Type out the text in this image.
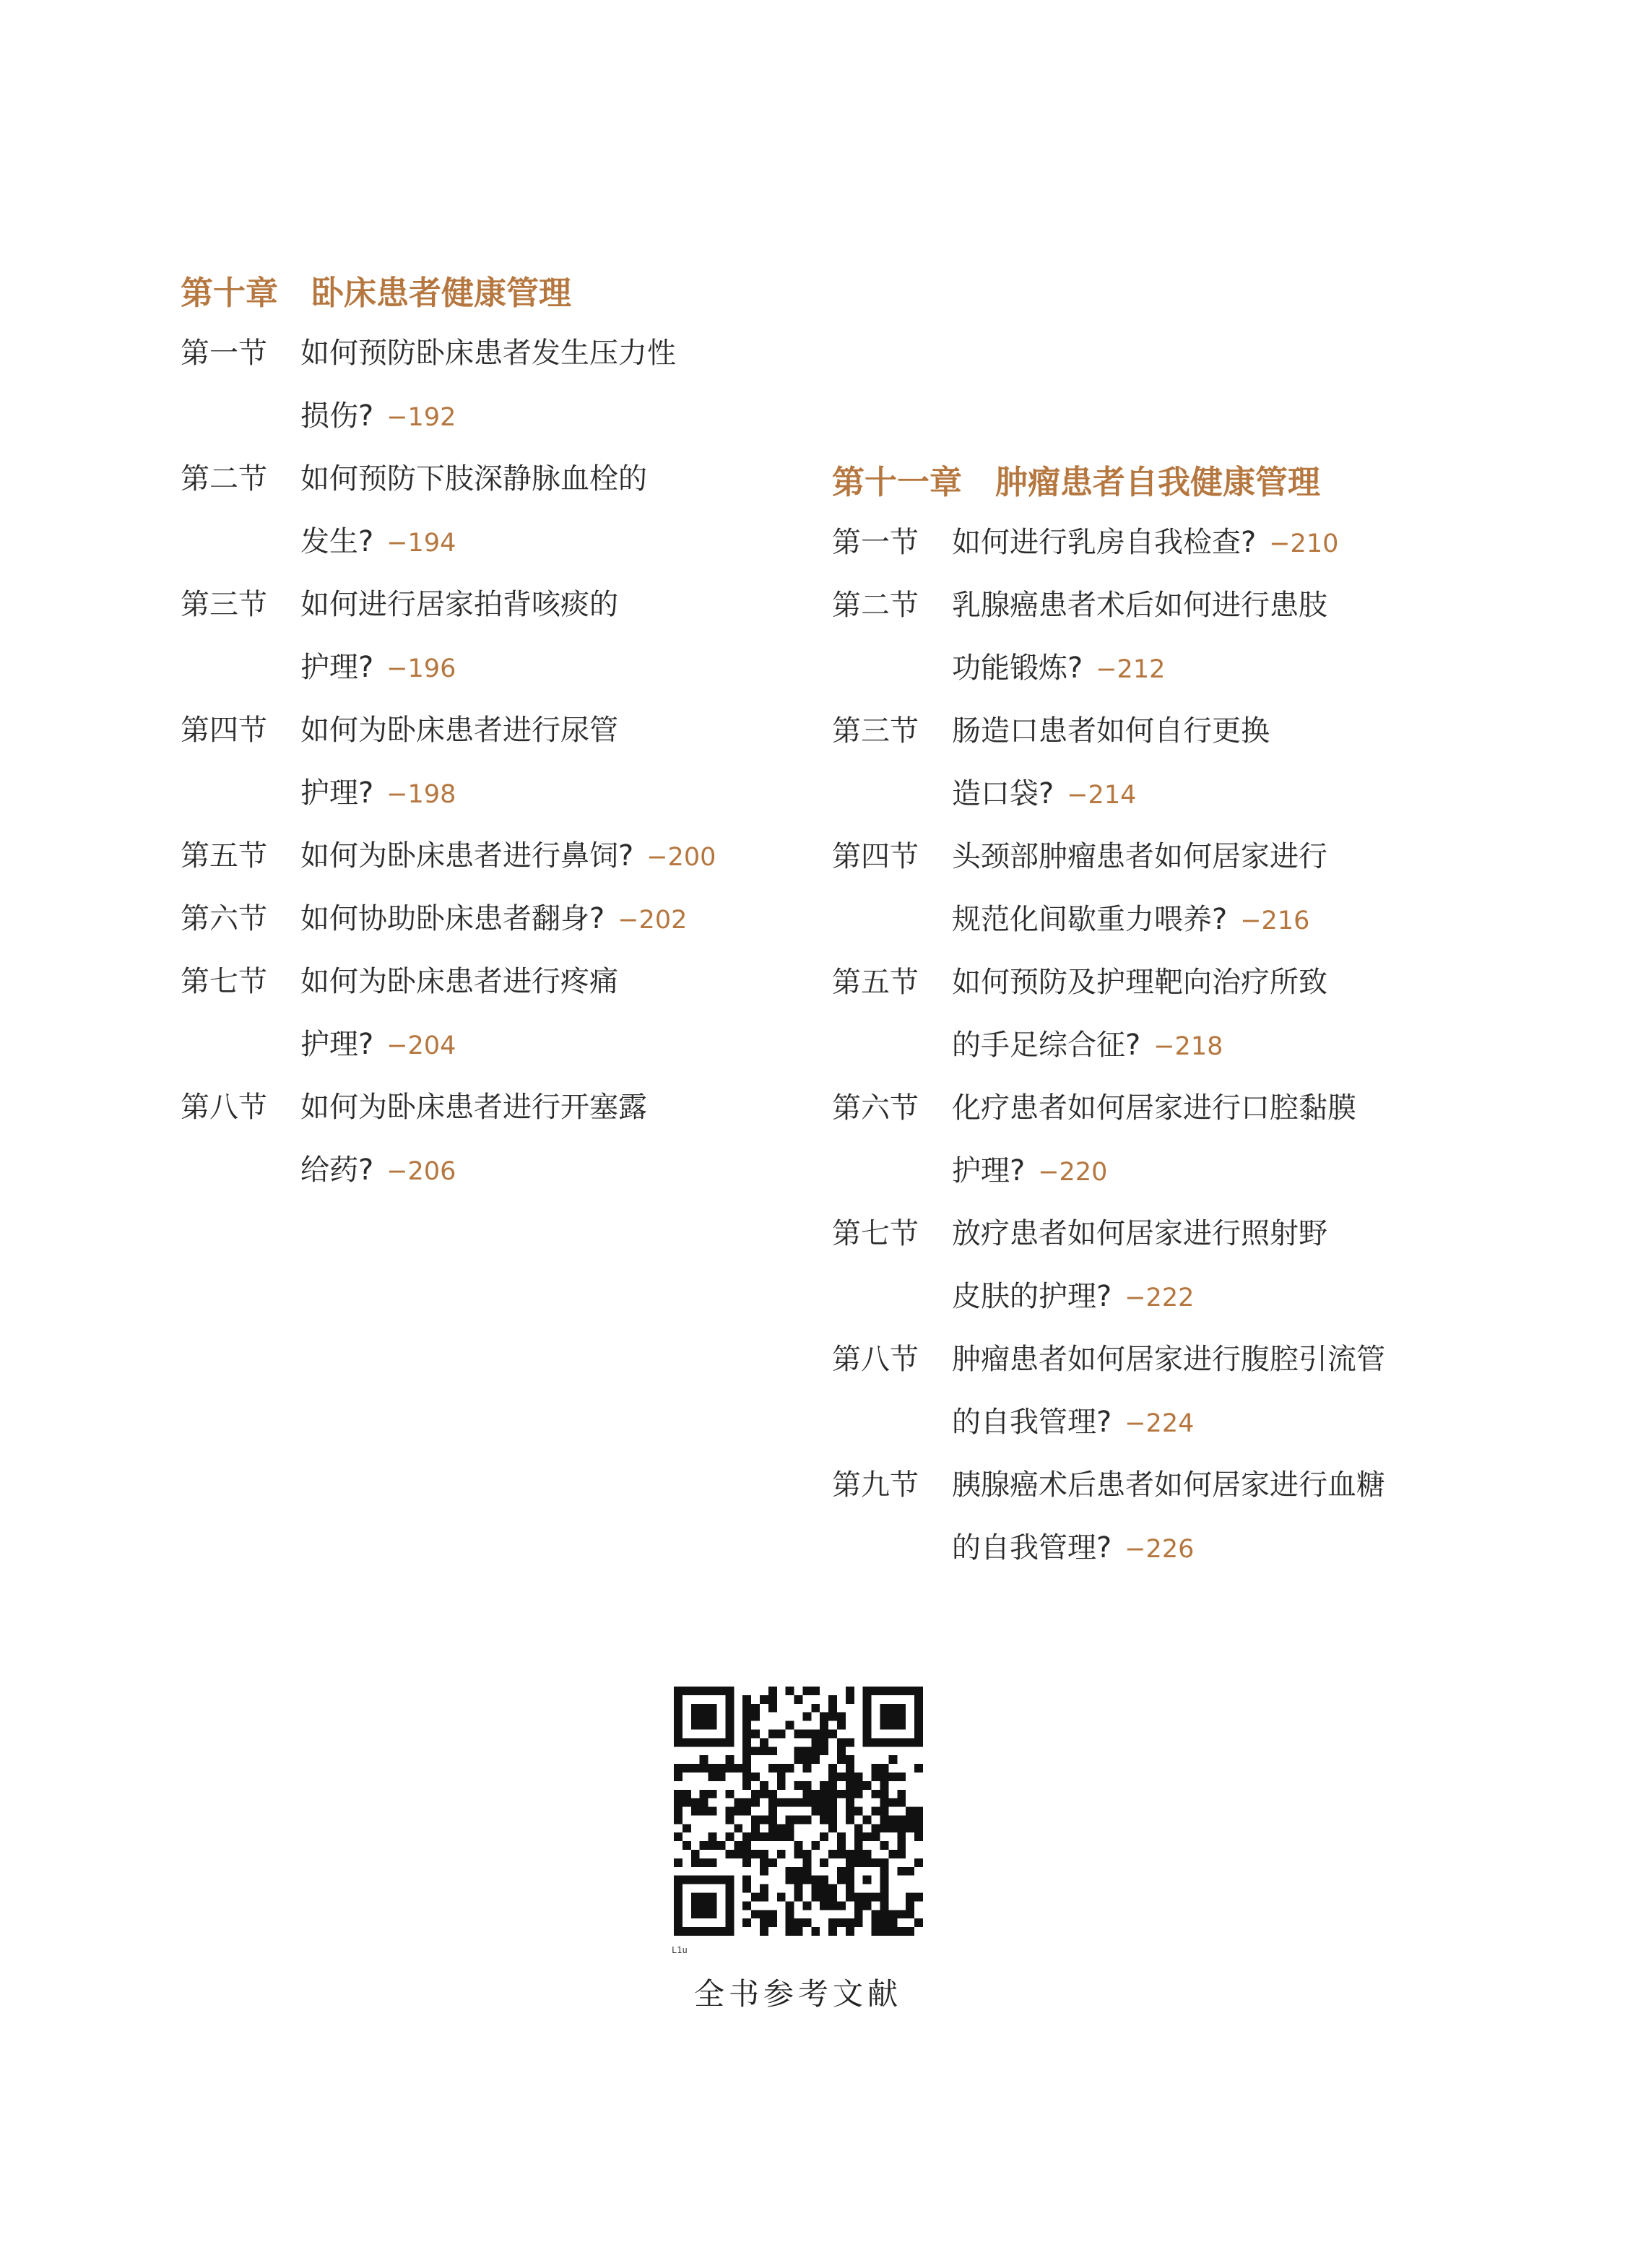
第十章 卧床患者健康管理
第一节	如何预防卧床患者发生压力性
损伤? −192
第二节	如何预防下肢深静脉血栓的
发生? −194
第三节	如何进行居家拍背咳痰的
护理? −196
第四节	如何为卧床患者进行尿管
护理? −198
第五节	如何为卧床患者进行鼻饲? −200
第六节	如何协助卧床患者翻身? −202
第七节	如何为卧床患者进行疼痛
护理? −204
第八节	如何为卧床患者进行开塞露
给药? −206
第十一章 肿瘤患者自我健康管理
第一节	如何进行乳房自我检查? −210
第二节	乳腺癌患者术后如何进行患肢
功能锻炼? −212
第三节	肠造口患者如何自行更换
造口袋? −214
第四节	头颈部肿瘤患者如何居家进行
规范化间歇重力喂养? −216
第五节	如何预防及护理靶向治疗所致
的手足综合征? −218
第六节	化疗患者如何居家进行口腔黏膜
护理? −220
第七节	放疗患者如何居家进行照射野
皮肤的护理? −222
第八节	肿瘤患者如何居家进行腹腔引流管
的自我管理? −224
第九节	胰腺癌术后患者如何居家进行血糖
的自我管理? −226
L1u
全书参考文献
